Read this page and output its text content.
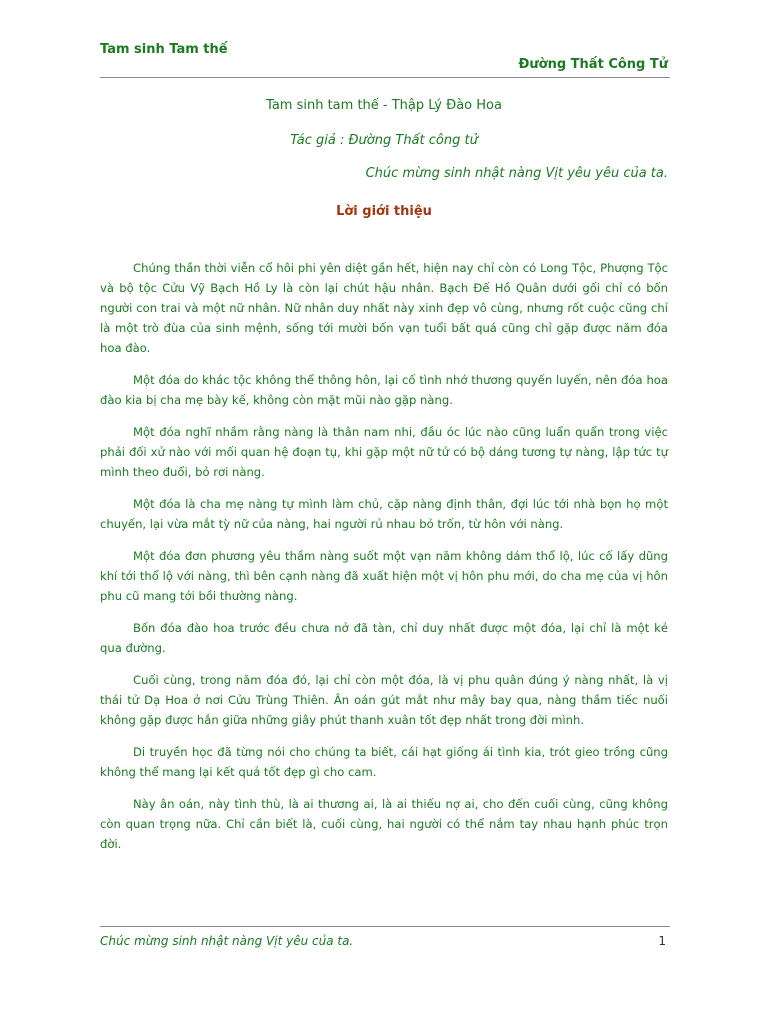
Tam sinh Tam thế
Đường Thất Công Tử
Tam sinh tam thế - Thập Lý Đào Hoa
Tác giả : Đường Thất công tử
Chúc mừng sinh nhật nàng Vịt yêu yêu của ta.
Lời giới thiệu

Chúng thần thời viễn cổ hôi phi yên diệt gần hết, hiện nay chỉ còn có Long Tộc, Phượng Tộc và bộ tộc Cửu Vỹ Bạch Hồ Ly là còn lại chút hậu nhân. Bạch Đế Hồ Quân dưới gối chỉ có bốn người con trai và một nữ nhân. Nữ nhân duy nhất này xinh đẹp vô cùng, nhưng rốt cuộc cũng chỉ là một trò đùa của sinh mệnh, sống tới mười bốn vạn tuổi bất quá cũng chỉ gặp được năm đóa hoa đào.

Một đóa do khác tộc không thể thông hôn, lại cố tình nhớ thương quyến luyến, nên đóa hoa đào kia bị cha mẹ bày kế, không còn mặt mũi nào gặp nàng.

Một đóa nghĩ nhầm rằng nàng là thân nam nhi, đầu óc lúc nào cũng luẩn quẩn trong việc phải đối xử nào với mối quan hệ đoạn tụ, khi gặp một nữ tử có bộ dáng tương tự nàng, lập tức tự mình theo đuổi, bỏ rơi nàng.

Một đóa là cha mẹ nàng tự mình làm chủ, cặp nàng định thân, đợi lúc tới nhà bọn họ một chuyến, lại vừa mắt tỳ nữ của nàng, hai người rủ nhau bỏ trốn, từ hôn với nàng.

Một đóa đơn phương yêu thầm nàng suốt một vạn năm không dám thổ lộ, lúc cố lấy dũng khí tới thổ lộ với nàng, thì bên cạnh nàng đã xuất hiện một vị hôn phu mới, do cha mẹ của vị hôn phu cũ mang tới bồi thường nàng.

Bốn đóa đào hoa trước đều chưa nở đã tàn, chỉ duy nhất được một đóa, lại chỉ là một kẻ qua đường.

Cuối cùng, trong năm đóa đó, lại chỉ còn một đóa, là vị phu quân đúng ý nàng nhất, là vị thái tử Dạ Hoa ở nơi Cửu Trùng Thiên. Ân oán gút mắt như mây bay qua, nàng thầm tiếc nuối không gặp được hắn giữa những giây phút thanh xuân tốt đẹp nhất trong đời mình.

Di truyền học đã từng nói cho chúng ta biết, cái hạt giống ái tình kia, trót gieo trồng cũng không thể mang lại kết quả tốt đẹp gì cho cam.

Này ân oán, này tình thù, là ai thương ai, là ai thiếu nợ ai, cho đến cuối cùng, cũng không còn quan trọng nữa. Chỉ cần biết là, cuối cùng, hai người có thể nắm tay nhau hạnh phúc trọn đời.

Chúc mừng sinh nhật nàng Vịt yêu của ta.	1
